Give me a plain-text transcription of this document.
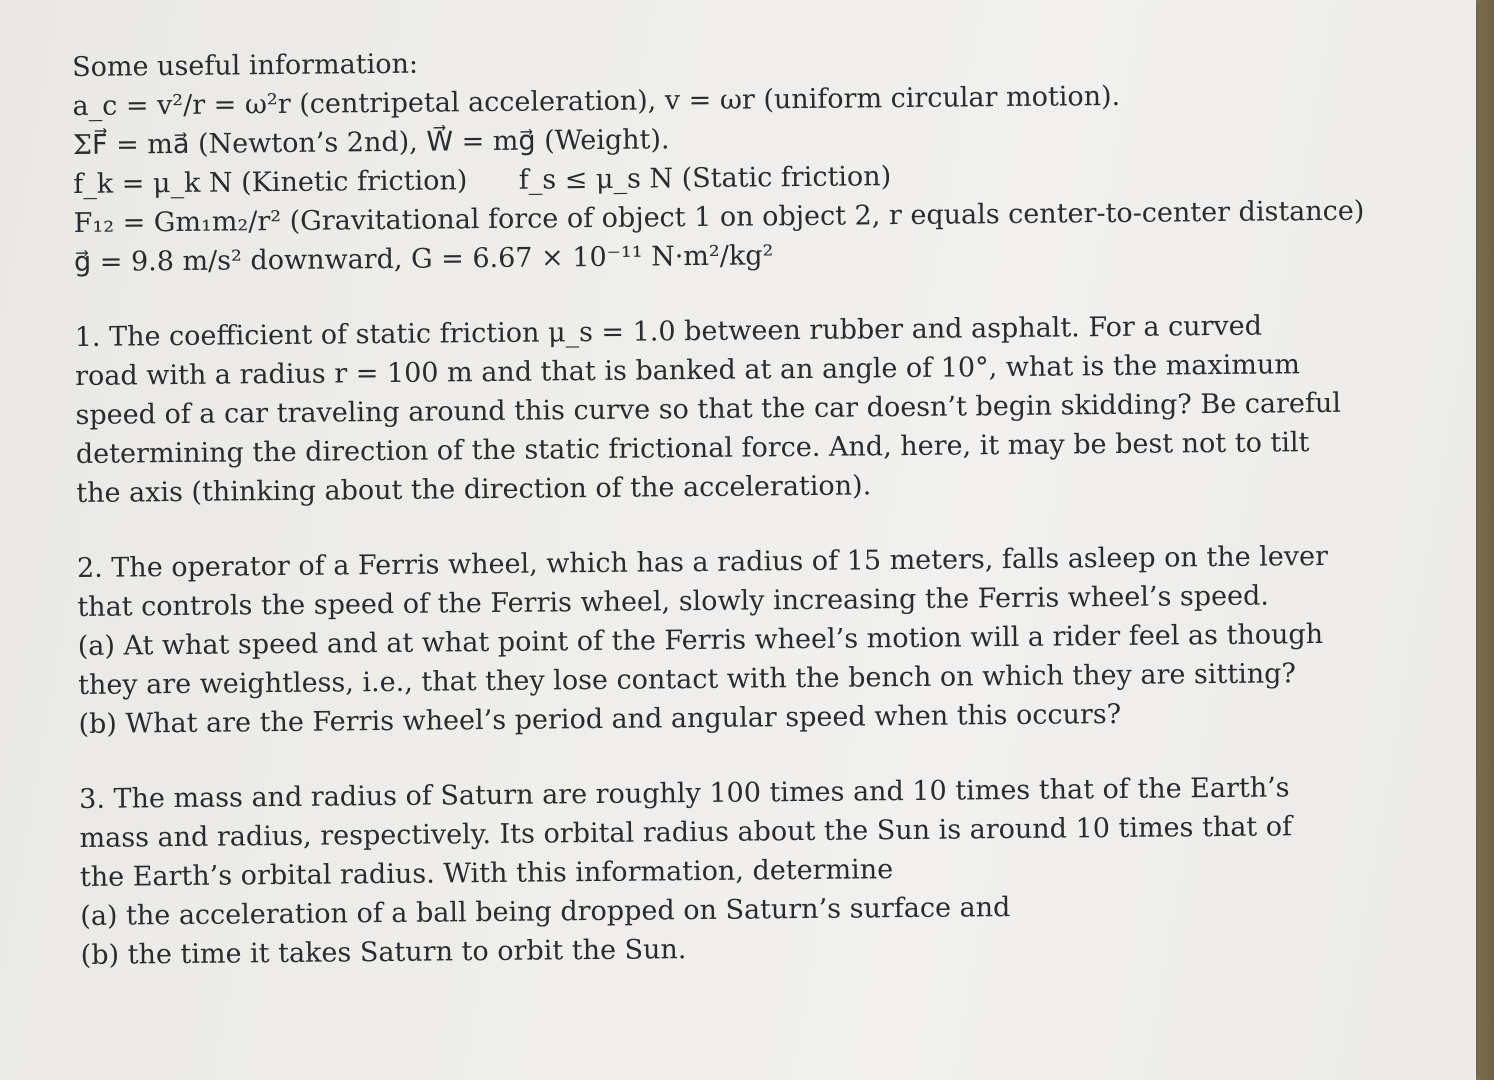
Some useful information:
a_c = v²/r = ω²r (centripetal acceleration), v = ωr (uniform circular motion).
ΣF⃗ = ma⃗ (Newton’s 2nd), W⃗ = mg⃗ (Weight).
f_k = μ_k N (Kinetic friction)      f_s ≤ μ_s N (Static friction)
F₁₂ = Gm₁m₂/r² (Gravitational force of object 1 on object 2, r equals center-to-center distance)
g⃗ = 9.8 m/s² downward, G = 6.67 × 10⁻¹¹ N·m²/kg²
1. The coefficient of static friction μ_s = 1.0 between rubber and asphalt. For a curved
road with a radius r = 100 m and that is banked at an angle of 10°, what is the maximum
speed of a car traveling around this curve so that the car doesn’t begin skidding? Be careful
determining the direction of the static frictional force. And, here, it may be best not to tilt
the axis (thinking about the direction of the acceleration).
2. The operator of a Ferris wheel, which has a radius of 15 meters, falls asleep on the lever
that controls the speed of the Ferris wheel, slowly increasing the Ferris wheel’s speed.
(a) At what speed and at what point of the Ferris wheel’s motion will a rider feel as though
they are weightless, i.e., that they lose contact with the bench on which they are sitting?
(b) What are the Ferris wheel’s period and angular speed when this occurs?
3. The mass and radius of Saturn are roughly 100 times and 10 times that of the Earth’s
mass and radius, respectively. Its orbital radius about the Sun is around 10 times that of
the Earth’s orbital radius. With this information, determine
(a) the acceleration of a ball being dropped on Saturn’s surface and
(b) the time it takes Saturn to orbit the Sun.
